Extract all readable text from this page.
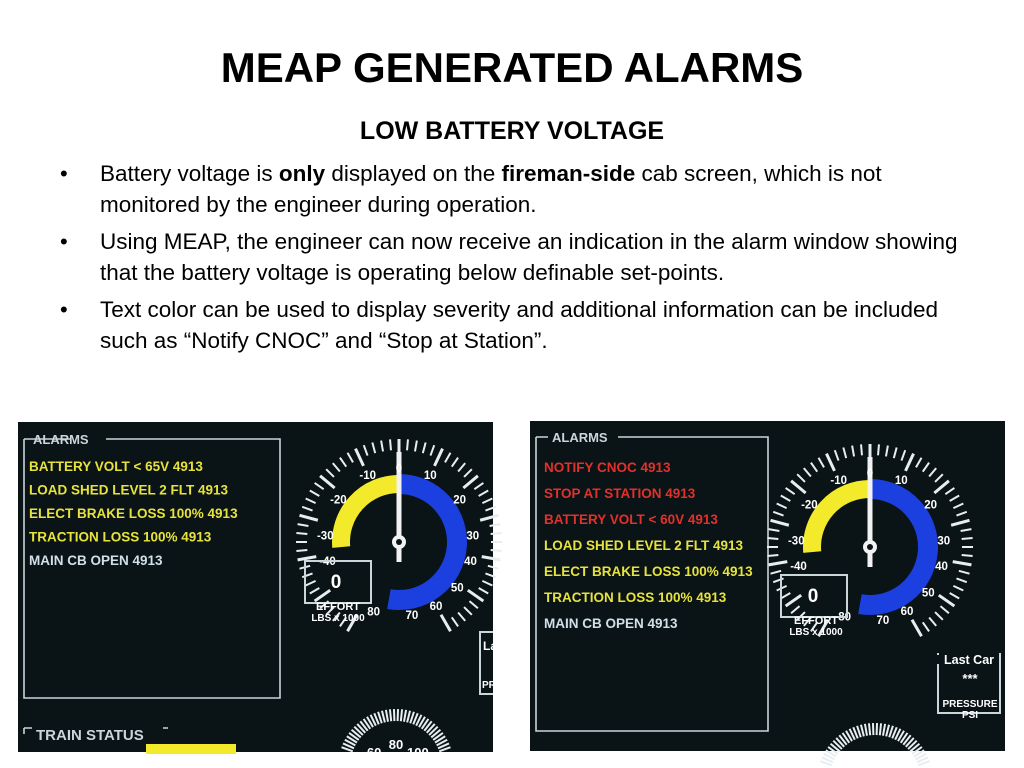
MEAP GENERATED ALARMS
LOW BATTERY VOLTAGE
• Battery voltage is only displayed on the fireman-side cab screen, which is not monitored by the engineer during operation.
• Using MEAP, the engineer can now receive an indication in the alarm window showing that the battery voltage is operating below definable set-points.
• Text color can be used to display severity and additional information can be included such as “Notify CNOC” and “Stop at Station”.
ALARMS
BATTERY VOLT < 65V 4913
LOAD SHED LEVEL 2 FLT 4913
ELECT BRAKE LOSS 100% 4913
TRACTION LOSS 100% 4913
MAIN CB OPEN 4913
TRAIN STATUS
-10
0
10
-20	20
-30	30
-40	40
50
60
70
80
0
EFFORT
LBS x 1000
La
PR
60
80
100
ALARMS
NOTIFY CNOC 4913
STOP AT STATION 4913
BATTERY VOLT < 60V 4913
LOAD SHED LEVEL 2 FLT 4913
ELECT BRAKE LOSS 100% 4913
TRACTION LOSS 100% 4913
MAIN CB OPEN 4913
-10
0
10
-20	20
-30	30
-40	40
50
60
70
80
0
EFFORT
LBS x 1000
Last Car
***
PRESSURE
PSI
